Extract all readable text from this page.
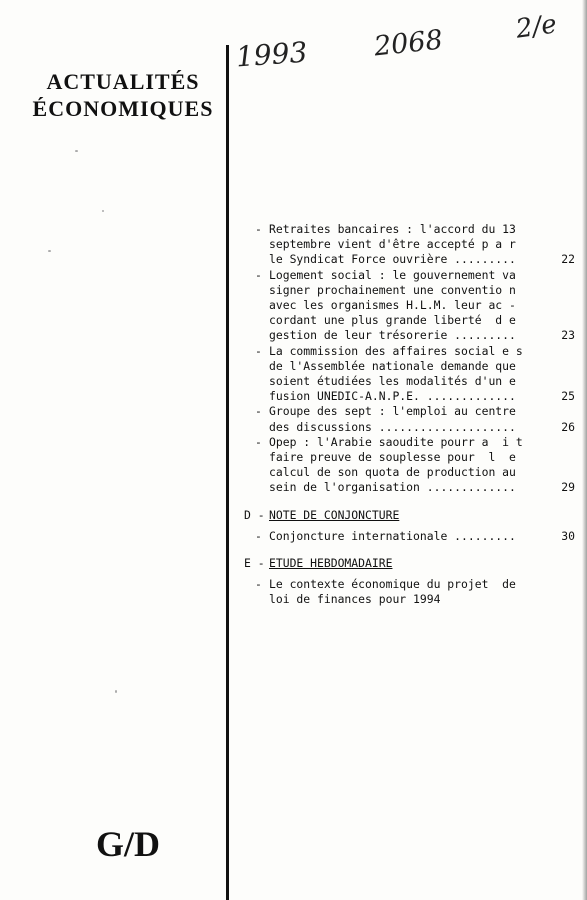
ACTUALITÉS
ÉCONOMIQUES
1993 2068	2/e
- Retraites bancaires : l'accord du 13
septembre vient d'être accepté p a r
le Syndicat Force ouvrière .........	22
- Logement social : le gouvernement va
signer prochainement une conventio n
avec les organismes H.L.M. leur ac -
cordant une plus grande liberté  d e
gestion de leur trésorerie .........	23
- La commission des affaires social e s
de l'Assemblée nationale demande que
soient étudiées les modalités d'un e
fusion UNEDIC-A.N.P.E. .............	25
- Groupe des sept : l'emploi au centre
des discussions ....................	26
- Opep : l'Arabie saoudite pourr a  i t
faire preuve de souplesse pour  l  e
calcul de son quota de production au
sein de l'organisation .............	29
D - NOTE DE CONJONCTURE
- Conjoncture internationale .........	30
E - ETUDE HEBDOMADAIRE
- Le contexte économique du projet  de
loi de finances pour 1994
G/D
